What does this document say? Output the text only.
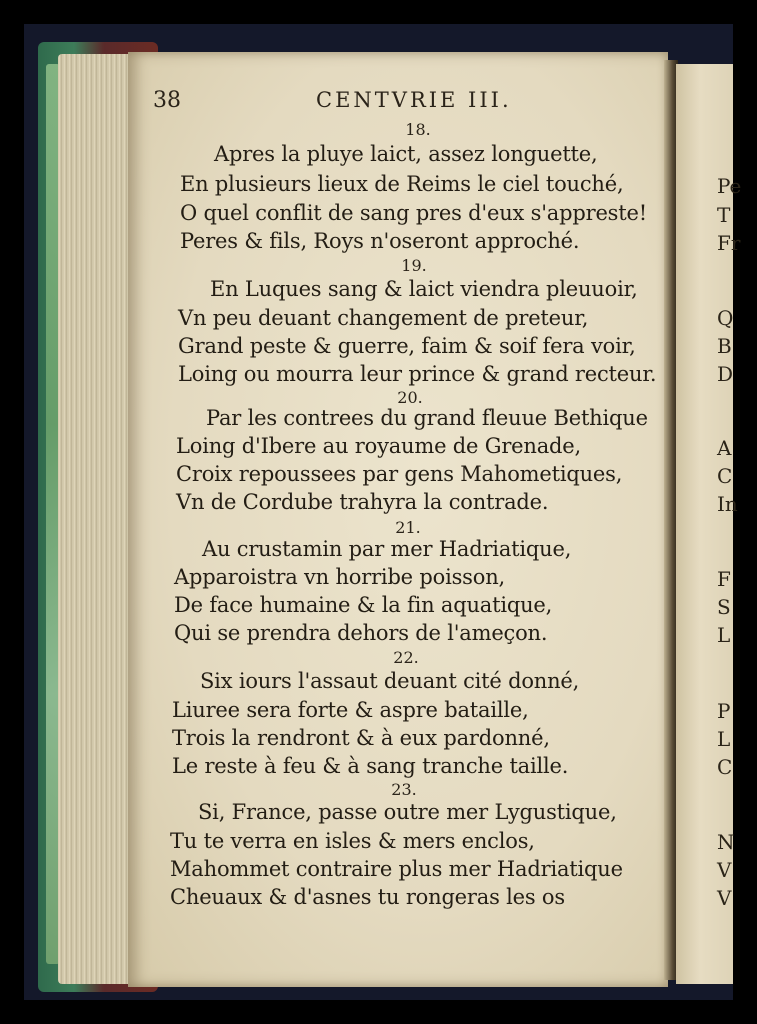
38	CENTVRIE III.
18.
Apres la pluye laict, assez longuette,
En plusieurs lieux de Reims le ciel touché,
O quel conflit de sang pres d'eux s'appreste!
Peres & fils, Roys n'oseront approché.
19.
En Luques sang & laict viendra pleuuoir,
Vn peu deuant changement de preteur,
Grand peste & guerre, faim & soif fera voir,
Loing ou mourra leur prince & grand recteur.
20.
Par les contrees du grand fleuue Bethique
Loing d'Ibere au royaume de Grenade,
Croix repoussees par gens Mahometiques,
Vn de Cordube trahyra la contrade.
21.
Au crustamin par mer Hadriatique,
Apparoistra vn horribe poisson,
De face humaine & la fin aquatique,
Qui se prendra dehors de l'ameçon.
22.
Six iours l'assaut deuant cité donné,
Liuree sera forte & aspre bataille,
Trois la rendront & à eux pardonné,
Le reste à feu & à sang tranche taille.
23.
Si, France, passe outre mer Lygustique,
Tu te verra en isles & mers enclos,
Mahommet contraire plus mer Hadriatique
Cheuaux & d'asnes tu rongeras les os
Pe
T
Fr
Q
B
D
A
C
In
F
S
L
P
L
C
N
V
V
